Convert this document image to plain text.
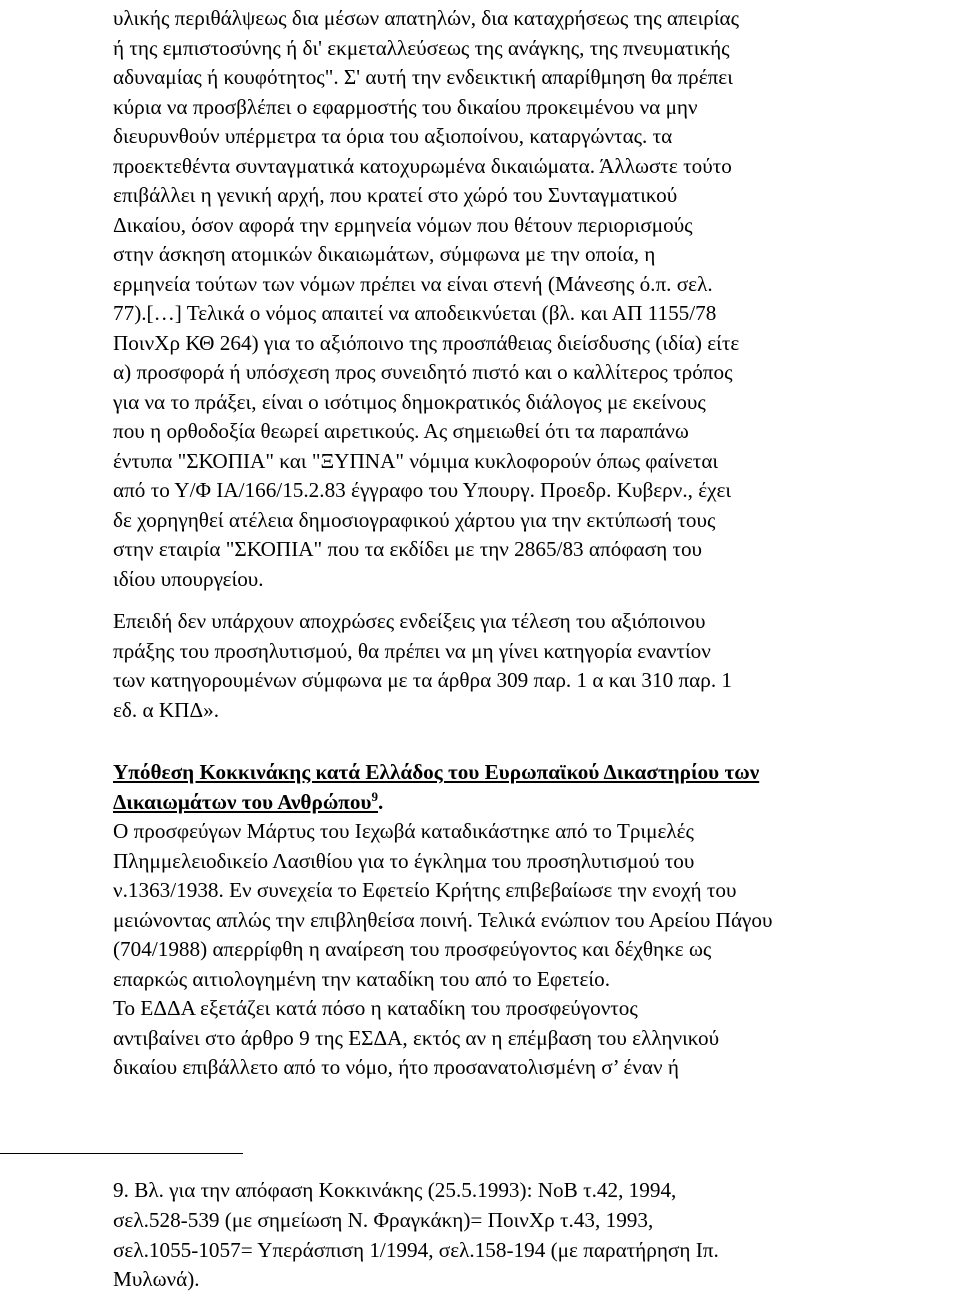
υλικής περιθάλψεως δια μέσων απατηλών, δια καταχρήσεως της απειρίας
ή της εμπιστοσύνης ή δι' εκμεταλλεύσεως της ανάγκης, της πνευματικής
αδυναμίας ή κουφότητος". Σ' αυτή την ενδεικτική απαρίθμηση θα πρέπει
κύρια να προσβλέπει ο εφαρμοστής του δικαίου προκειμένου να μην
διευρυνθούν υπέρμετρα τα όρια του αξιοποίνου, καταργώντας. τα
προεκτεθέντα συνταγματικά κατοχυρωμένα δικαιώματα. Άλλωστε τούτο
επιβάλλει η γενική αρχή, που κρατεί στο χώρό του Συνταγματικού
Δικαίου, όσον αφορά την ερμηνεία νόμων που θέτουν περιορισμούς
στην άσκηση ατομικών δικαιωμάτων, σύμφωνα με την οποία, η
ερμηνεία τούτων των νόμων πρέπει να είναι στενή (Μάνεσης ό.π. σελ.
77).[…] Τελικά ο νόμος απαιτεί να αποδεικνύεται (βλ. και ΑΠ 1155/78
ΠοινΧρ ΚΘ 264) για το αξιόποινο της προσπάθειας διείσδυσης (ιδία) είτε
α) προσφορά ή υπόσχεση προς συνειδητό πιστό και ο καλλίτερος τρόπος
για να το πράξει, είναι ο ισότιμος δημοκρατικός διάλογος με εκείνους
που η ορθοδοξία θεωρεί αιρετικούς. Ας σημειωθεί ότι τα παραπάνω
έντυπα "ΣΚΟΠΙΑ" και "ΞΥΠΝΑ" νόμιμα κυκλοφορούν όπως φαίνεται
από το Υ/Φ ΙΑ/166/15.2.83 έγγραφο του Υπουργ. Προεδρ. Κυβερν., έχει
δε χορηγηθεί ατέλεια δημοσιογραφικού χάρτου για την εκτύπωσή τους
στην εταιρία "ΣΚΟΠΙΑ" που τα εκδίδει με την 2865/83 απόφαση του
ιδίου υπουργείου.
Επειδή δεν υπάρχουν αποχρώσες ενδείξεις για τέλεση του αξιόποινου
πράξης του προσηλυτισμού, θα πρέπει να μη γίνει κατηγορία εναντίον
των κατηγορουμένων σύμφωνα με τα άρθρα 309 παρ. 1 α και 310 παρ. 1
εδ. α ΚΠΔ».
Υπόθεση Κοκκινάκης κατά Ελλάδος του Ευρωπαϊκού Δικαστηρίου των
Δικαιωμάτων του Ανθρώπου$^9$.
Ο προσφεύγων Μάρτυς του Ιεχωβά καταδικάστηκε από το Τριμελές
Πλημμελειοδικείο Λασιθίου για το έγκλημα του προσηλυτισμού του
ν.1363/1938. Εν συνεχεία το Εφετείο Κρήτης επιβεβαίωσε την ενοχή του
μειώνοντας απλώς την επιβληθείσα ποινή. Τελικά ενώπιον του Αρείου Πάγου
(704/1988) απερρίφθη η αναίρεση του προσφεύγοντος και δέχθηκε ως
επαρκώς αιτιολογημένη την καταδίκη του από το Εφετείο.
Το ΕΔΔΑ εξετάζει κατά πόσο η καταδίκη του προσφεύγοντος
αντιβαίνει στο άρθρο 9 της ΕΣΔΑ, εκτός αν η επέμβαση του ελληνικού
δικαίου επιβάλλετο από το νόμο, ήτο προσανατολισμένη σ’ έναν ή
9. Βλ. για την απόφαση Κοκκινάκης (25.5.1993): ΝοΒ τ.42, 1994,
σελ.528-539 (με σημείωση Ν. Φραγκάκη)= ΠοινΧρ τ.43, 1993,
σελ.1055-1057= Υπεράσπιση 1/1994, σελ.158-194 (με παρατήρηση Ιπ.
Μυλωνά).
